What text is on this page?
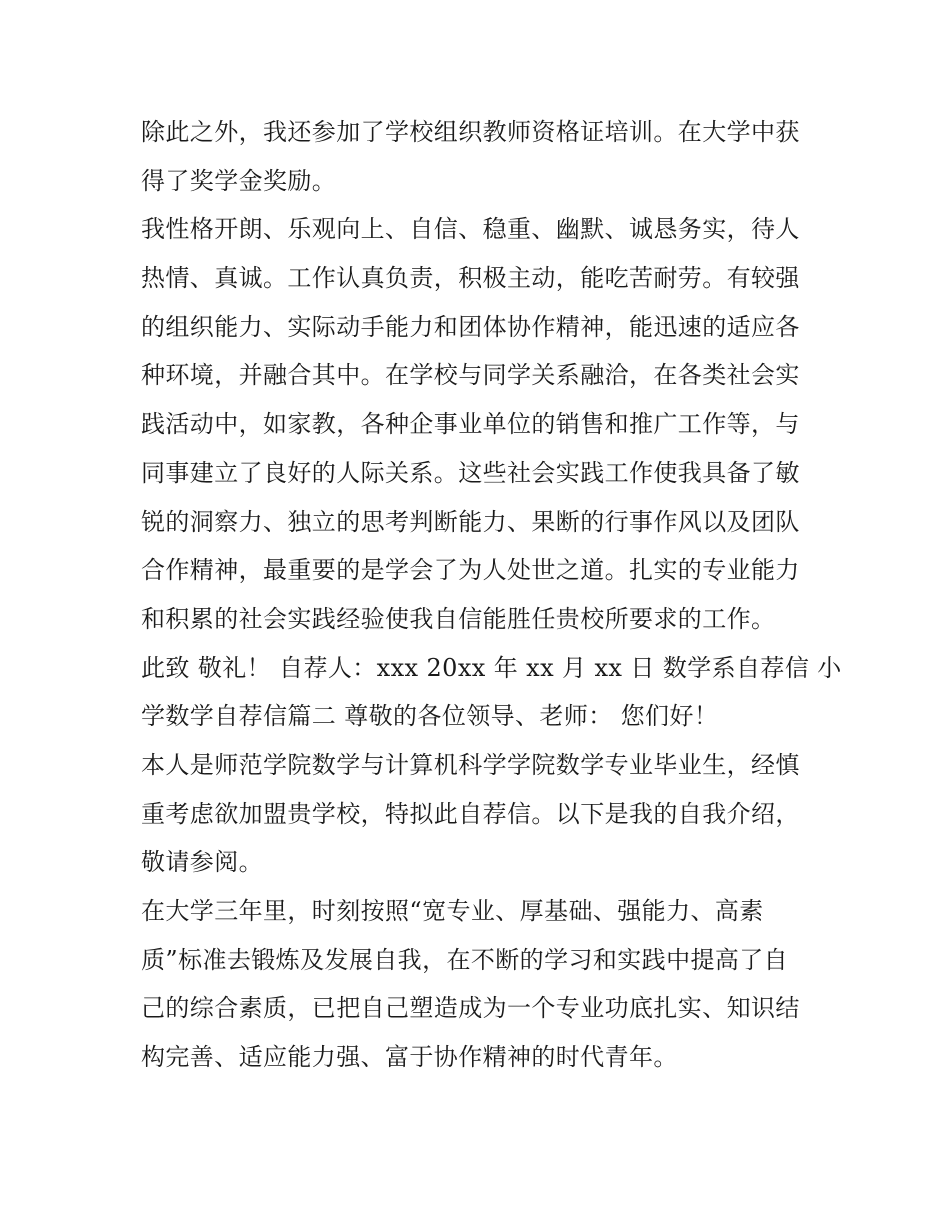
除此之外，我还参加了学校组织教师资格证培训。在大学中获
得了奖学金奖励。
我性格开朗、乐观向上、自信、稳重、幽默、诚恳务实，待人
热情、真诚。工作认真负责，积极主动，能吃苦耐劳。有较强
的组织能力、实际动手能力和团体协作精神，能迅速的适应各
种环境，并融合其中。在学校与同学关系融洽，在各类社会实
践活动中，如家教，各种企事业单位的销售和推广工作等，与
同事建立了良好的人际关系。这些社会实践工作使我具备了敏
锐的洞察力、独立的思考判断能力、果断的行事作风以及团队
合作精神，最重要的是学会了为人处世之道。扎实的专业能力
和积累的社会实践经验使我自信能胜任贵校所要求的工作。
此致 敬礼！ 自荐人：xxx 20xx 年 xx 月 xx 日 数学系自荐信 小
学数学自荐信篇二 尊敬的各位领导、老师： 您们好！
本人是师范学院数学与计算机科学学院数学专业毕业生，经慎
重考虑欲加盟贵学校，特拟此自荐信。以下是我的自我介绍，
敬请参阅。
在大学三年里，时刻按照“宽专业、厚基础、强能力、高素
质”标准去锻炼及发展自我，在不断的学习和实践中提高了自
己的综合素质，已把自己塑造成为一个专业功底扎实、知识结
构完善、适应能力强、富于协作精神的时代青年。
